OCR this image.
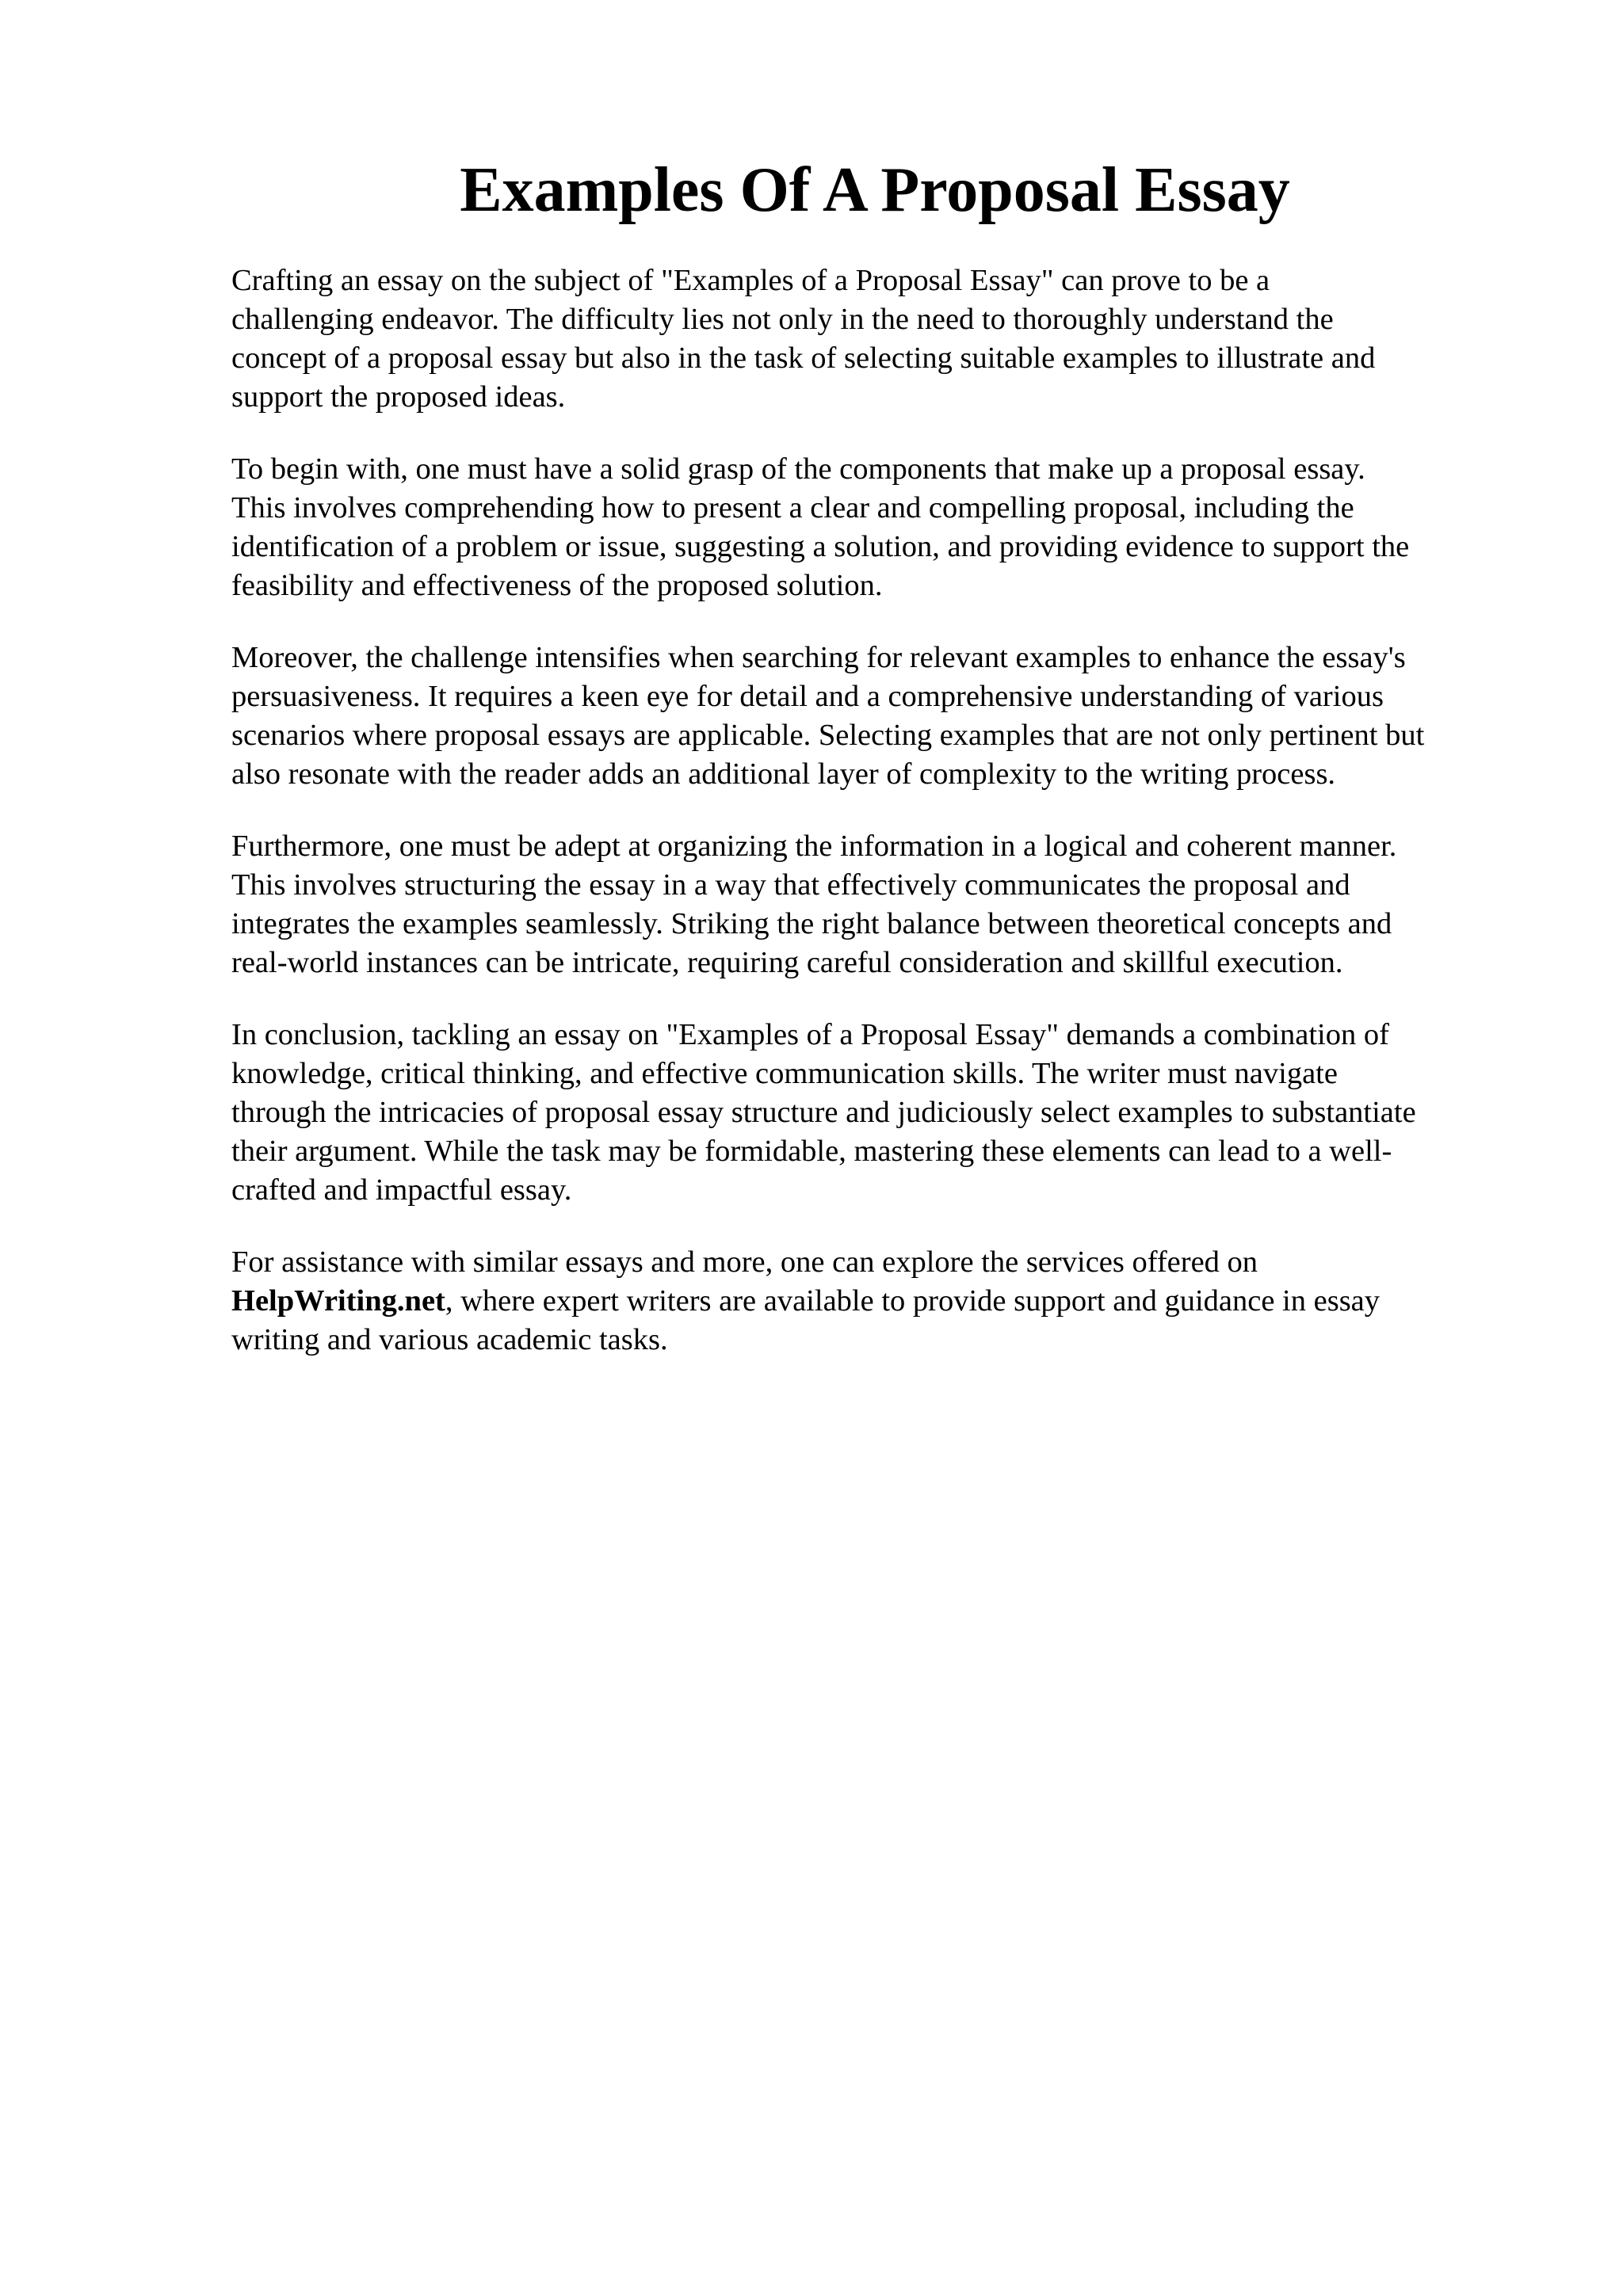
Examples Of A Proposal Essay

Crafting an essay on the subject of "Examples of a Proposal Essay" can prove to be a
challenging endeavor. The difficulty lies not only in the need to thoroughly understand the
concept of a proposal essay but also in the task of selecting suitable examples to illustrate and
support the proposed ideas.

To begin with, one must have a solid grasp of the components that make up a proposal essay.
This involves comprehending how to present a clear and compelling proposal, including the
identification of a problem or issue, suggesting a solution, and providing evidence to support the
feasibility and effectiveness of the proposed solution.

Moreover, the challenge intensifies when searching for relevant examples to enhance the essay's
persuasiveness. It requires a keen eye for detail and a comprehensive understanding of various
scenarios where proposal essays are applicable. Selecting examples that are not only pertinent but
also resonate with the reader adds an additional layer of complexity to the writing process.

Furthermore, one must be adept at organizing the information in a logical and coherent manner.
This involves structuring the essay in a way that effectively communicates the proposal and
integrates the examples seamlessly. Striking the right balance between theoretical concepts and
real-world instances can be intricate, requiring careful consideration and skillful execution.

In conclusion, tackling an essay on "Examples of a Proposal Essay" demands a combination of
knowledge, critical thinking, and effective communication skills. The writer must navigate
through the intricacies of proposal essay structure and judiciously select examples to substantiate
their argument. While the task may be formidable, mastering these elements can lead to a well-
crafted and impactful essay.

For assistance with similar essays and more, one can explore the services offered on
HelpWriting.net, where expert writers are available to provide support and guidance in essay
writing and various academic tasks.
